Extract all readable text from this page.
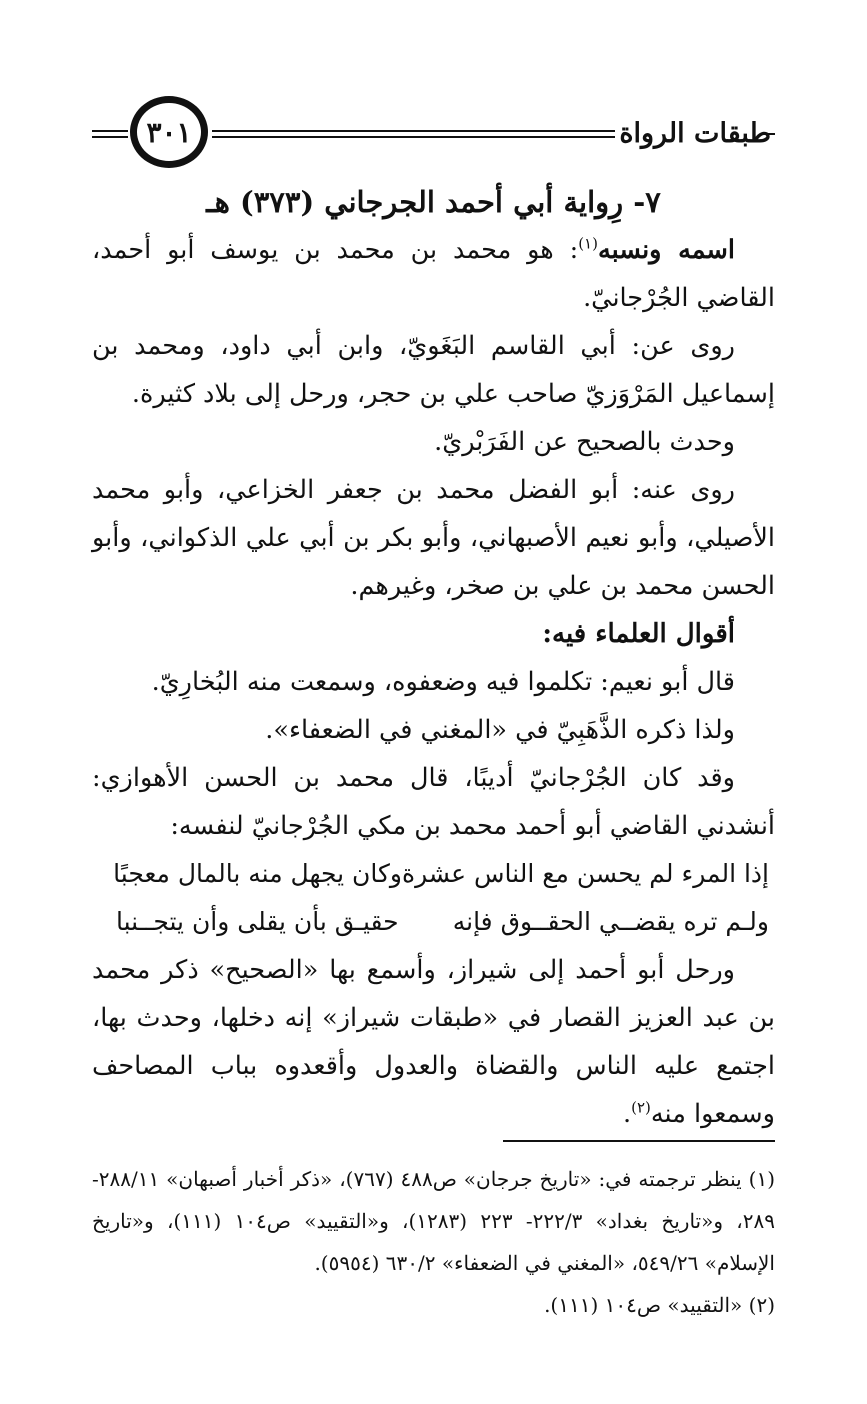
طبقات الرواة
٣٠١

٧- رِواية أبي أحمد الجرجاني (٣٧٣) هـ

اسمه ونسبه$^{(١)}$: هو محمد بن محمد بن يوسف أبو أحمد، القاضي الجُرْجانيّ.

روى عن: أبي القاسم البَغَويّ، وابن أبي داود، ومحمد بن إسماعيل المَرْوَزيّ صاحب علي بن حجر، ورحل إلى بلاد كثيرة.

وحدث بالصحيح عن الفَرَبْريّ.

روى عنه: أبو الفضل محمد بن جعفر الخزاعي، وأبو محمد الأصيلي، وأبو نعيم الأصبهاني، وأبو بكر بن أبي علي الذكواني، وأبو الحسن محمد بن علي بن صخر، وغيرهم.

أقوال العلماء فيه:

قال أبو نعيم: تكلموا فيه وضعفوه، وسمعت منه البُخارِيّ.

ولذا ذكره الذَّهَبِيّ في «المغني في الضعفاء».

وقد كان الجُرْجانيّ أديبًا، قال محمد بن الحسن الأهوازي: أنشدني القاضي أبو أحمد محمد بن مكي الجُرْجانيّ لنفسه:

إذا المرء لم يحسن مع الناس عشرة
وكان يجهل منه بالمال معجبًا
ولـم تره يقضــي الحقــوق فإنه
حقيـق بأن يقلى وأن يتجــنبا

ورحل أبو أحمد إلى شيراز، وأسمع بها «الصحيح» ذكر محمد بن عبد العزيز القصار في «طبقات شيراز» إنه دخلها، وحدث بها، اجتمع عليه الناس والقضاة والعدول وأقعدوه بباب المصاحف وسمعوا منه$^{(٢)}$.

(١) ينظر ترجمته في: «تاريخ جرجان» ص٤٨٨ (٧٦٧)، «ذكر أخبار أصبهان» ٢٨٨/١١- ٢٨٩، و«تاريخ بغداد» ٢٢٢/٣- ٢٢٣ (١٢٨٣)، و«التقييد» ص١٠٤ (١١١)، و«تاريخ الإسلام» ٥٤٩/٢٦، «المغني في الضعفاء» ٦٣٠/٢ (٥٩٥٤).

(٢) «التقييد» ص١٠٤ (١١١).
